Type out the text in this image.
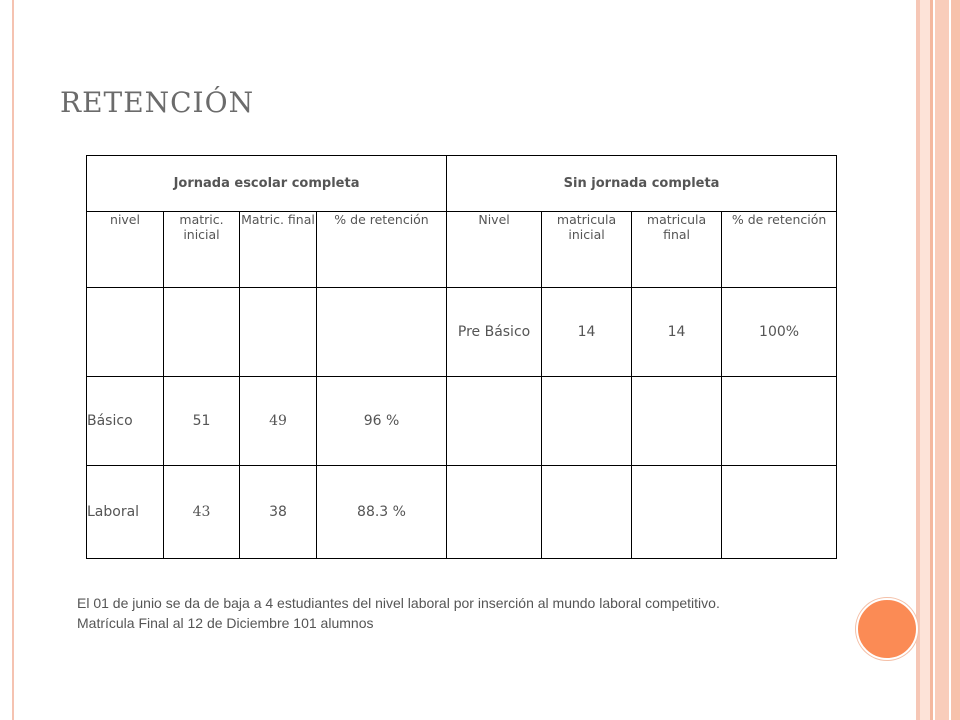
RETENCIÓN
Jornada escolar completa				Sin jornada completa			
nivel	matric. inicial	Matric. final	% de retención	Nivel	matricula inicial	matricula final	% de retención
				Pre Básico	14	14	100%
Básico	51	49	96 %				
Laboral	43	38	88.3 %				

El 01 de junio se da de baja a 4 estudiantes del nivel laboral por inserción al mundo laboral competitivo.

Matrícula Final al 12 de Diciembre 101 alumnos
